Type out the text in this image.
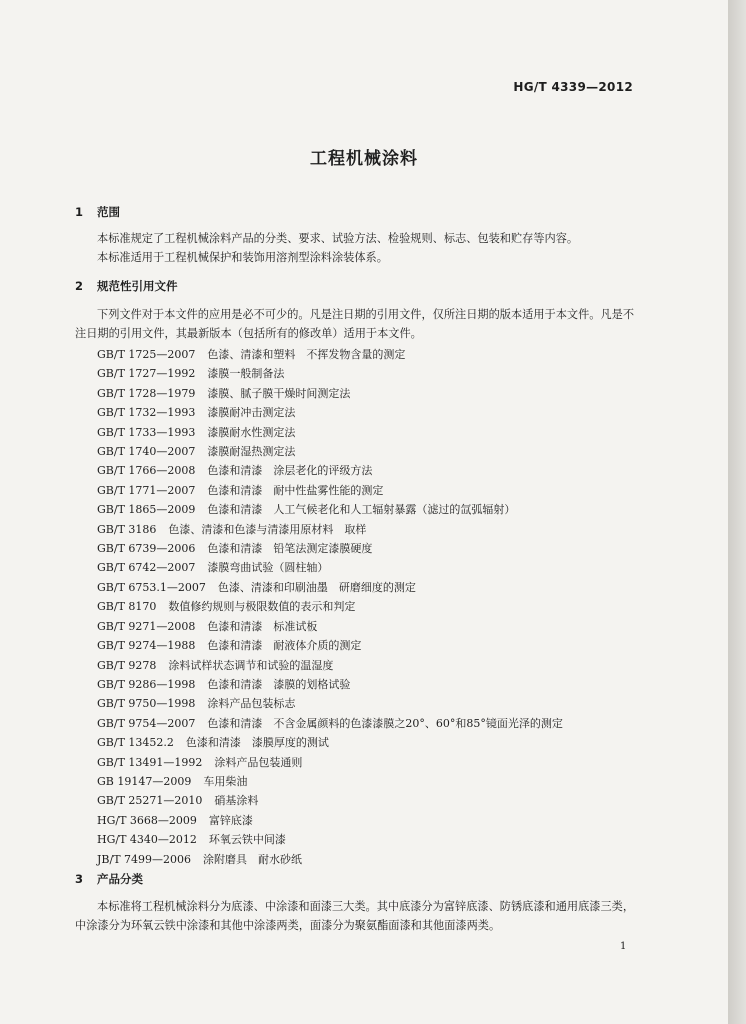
HG/T 4339—2012
工程机械涂料
1 范围
本标准规定了工程机械涂料产品的分类、要求、试验方法、检验规则、标志、包装和贮存等内容。
本标准适用于工程机械保护和装饰用溶剂型涂料涂装体系。
2 规范性引用文件
下列文件对于本文件的应用是必不可少的。凡是注日期的引用文件，仅所注日期的版本适用于本文件。凡是不注日期的引用文件，其最新版本（包括所有的修改单）适用于本文件。
GB/T 1725—2007 色漆、清漆和塑料　不挥发物含量的测定
GB/T 1727—1992 漆膜一般制备法
GB/T 1728—1979 漆膜、腻子膜干燥时间测定法
GB/T 1732—1993 漆膜耐冲击测定法
GB/T 1733—1993 漆膜耐水性测定法
GB/T 1740—2007 漆膜耐湿热测定法
GB/T 1766—2008 色漆和清漆　涂层老化的评级方法
GB/T 1771—2007 色漆和清漆　耐中性盐雾性能的测定
GB/T 1865—2009 色漆和清漆　人工气候老化和人工辐射暴露（滤过的氙弧辐射）
GB/T 3186 色漆、清漆和色漆与清漆用原材料　取样
GB/T 6739—2006 色漆和清漆　铅笔法测定漆膜硬度
GB/T 6742—2007 漆膜弯曲试验（圆柱轴）
GB/T 6753.1—2007 色漆、清漆和印刷油墨　研磨细度的测定
GB/T 8170 数值修约规则与极限数值的表示和判定
GB/T 9271—2008 色漆和清漆　标准试板
GB/T 9274—1988 色漆和清漆　耐液体介质的测定
GB/T 9278 涂料试样状态调节和试验的温湿度
GB/T 9286—1998 色漆和清漆　漆膜的划格试验
GB/T 9750—1998 涂料产品包装标志
GB/T 9754—2007 色漆和清漆　不含金属颜料的色漆漆膜之20°、60°和85°镜面光泽的测定
GB/T 13452.2 色漆和清漆　漆膜厚度的测试
GB/T 13491—1992 涂料产品包装通则
GB 19147—2009 车用柴油
GB/T 25271—2010 硝基涂料
HG/T 3668—2009 富锌底漆
HG/T 4340—2012 环氧云铁中间漆
JB/T 7499—2006 涂附磨具　耐水砂纸
3 产品分类
本标准将工程机械涂料分为底漆、中涂漆和面漆三大类。其中底漆分为富锌底漆、防锈底漆和通用底漆三类，中涂漆分为环氧云铁中涂漆和其他中涂漆两类，面漆分为聚氨酯面漆和其他面漆两类。
1
